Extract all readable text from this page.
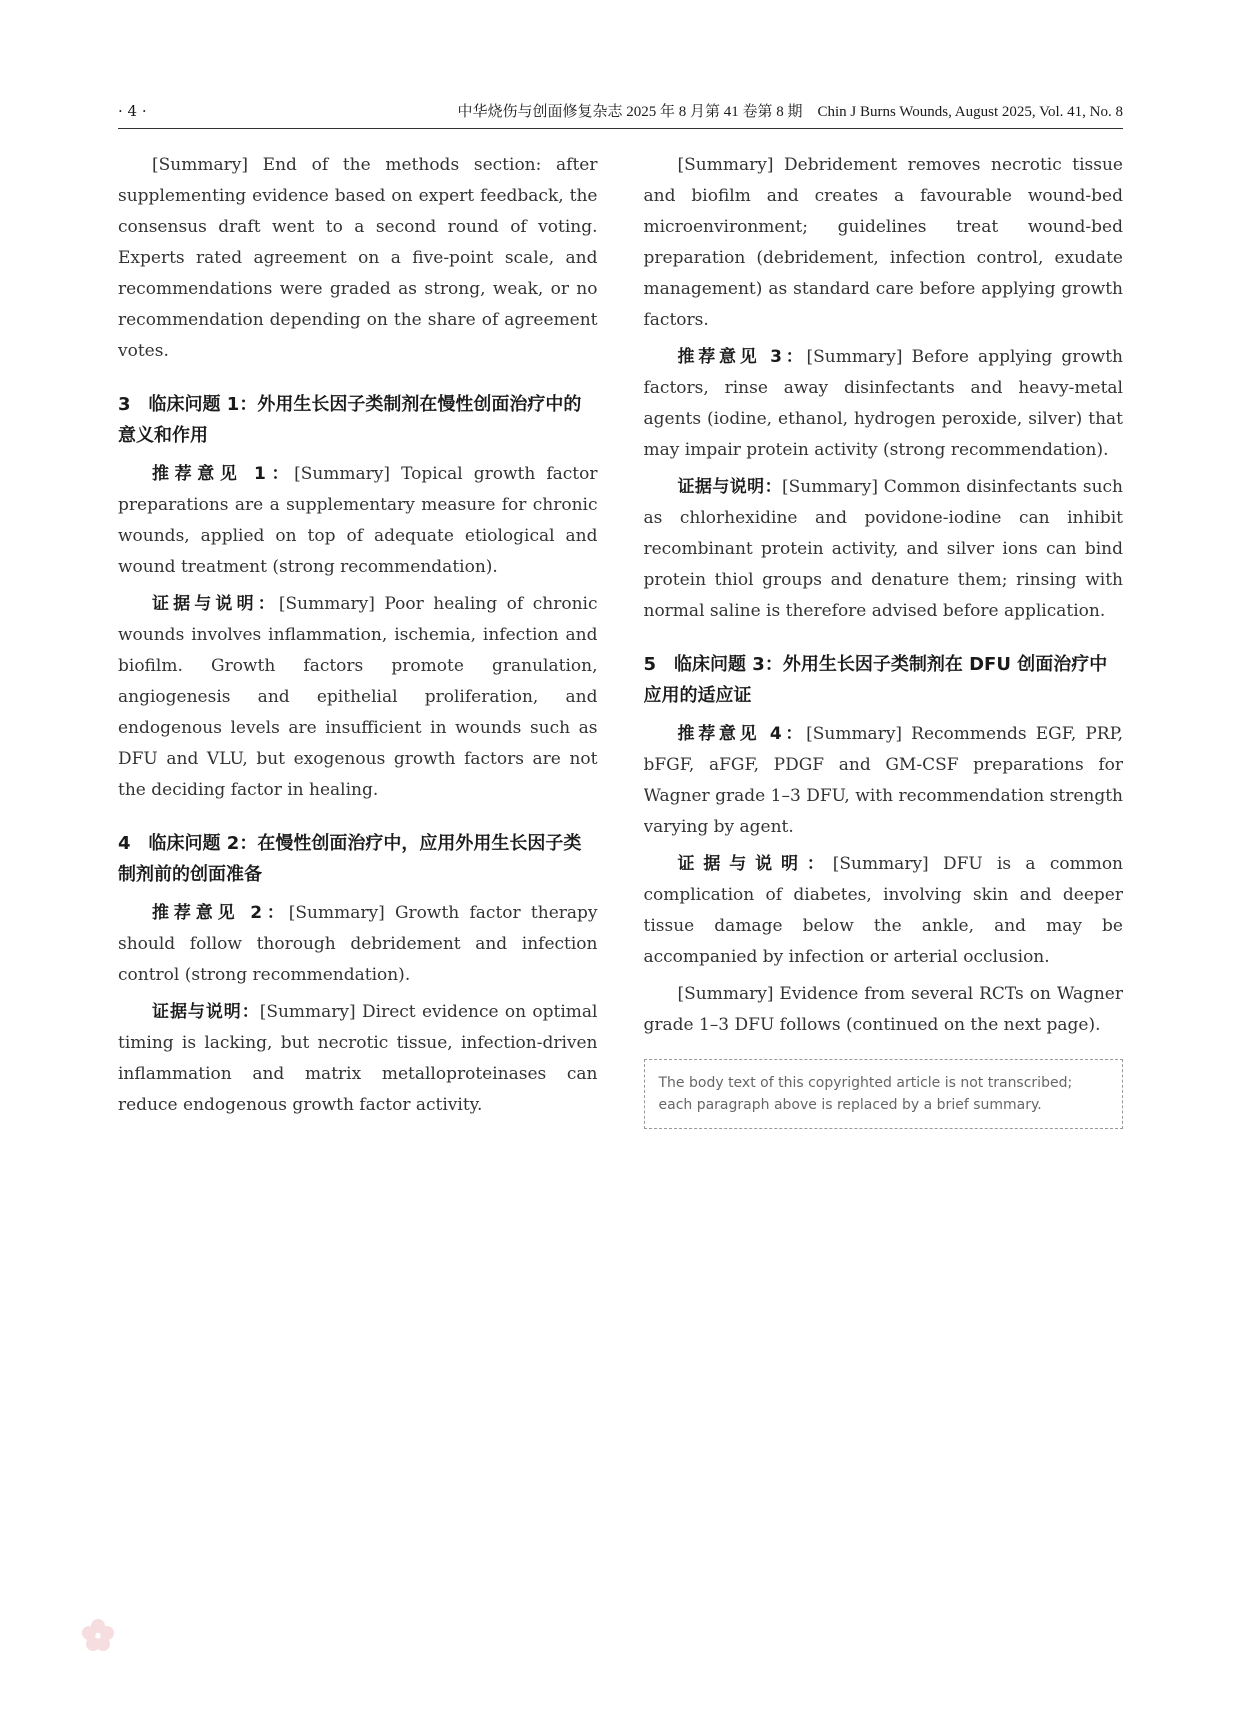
· 4 ·	中华烧伤与创面修复杂志 2025 年 8 月第 41 卷第 8 期　Chin J Burns Wounds, August 2025, Vol. 41, No. 8

[Summary] End of the methods section: after supplementing evidence based on expert feedback, the consensus draft went to a second round of voting. Experts rated agreement on a five-point scale, and recommendations were graded as strong, weak, or no recommendation depending on the share of agreement votes.

3　临床问题 1：外用生长因子类制剂在慢性创面治疗中的意义和作用

推荐意见 1：[Summary] Topical growth factor preparations are a supplementary measure for chronic wounds, applied on top of adequate etiological and wound treatment (strong recommendation).

证据与说明：[Summary] Poor healing of chronic wounds involves inflammation, ischemia, infection and biofilm. Growth factors promote granulation, angiogenesis and epithelial proliferation, and endogenous levels are insufficient in wounds such as DFU and VLU, but exogenous growth factors are not the deciding factor in healing.

4　临床问题 2：在慢性创面治疗中，应用外用生长因子类制剂前的创面准备

推荐意见 2：[Summary] Growth factor therapy should follow thorough debridement and infection control (strong recommendation).

证据与说明：[Summary] Direct evidence on optimal timing is lacking, but necrotic tissue, infection-driven inflammation and matrix metalloproteinases can reduce endogenous growth factor activity.

[Summary] Debridement removes necrotic tissue and biofilm and creates a favourable wound-bed microenvironment; guidelines treat wound-bed preparation (debridement, infection control, exudate management) as standard care before applying growth factors.

推荐意见 3：[Summary] Before applying growth factors, rinse away disinfectants and heavy-metal agents (iodine, ethanol, hydrogen peroxide, silver) that may impair protein activity (strong recommendation).

证据与说明：[Summary] Common disinfectants such as chlorhexidine and povidone-iodine can inhibit recombinant protein activity, and silver ions can bind protein thiol groups and denature them; rinsing with normal saline is therefore advised before application.

5　临床问题 3：外用生长因子类制剂在 DFU 创面治疗中应用的适应证

推荐意见 4：[Summary] Recommends EGF, PRP, bFGF, aFGF, PDGF and GM-CSF preparations for Wagner grade 1–3 DFU, with recommendation strength varying by agent.

证据与说明：[Summary] DFU is a common complication of diabetes, involving skin and deeper tissue damage below the ankle, and may be accompanied by infection or arterial occlusion.

[Summary] Evidence from several RCTs on Wagner grade 1–3 DFU follows (continued on the next page).

The body text of this copyrighted article is not transcribed; each paragraph above is replaced by a brief summary.
